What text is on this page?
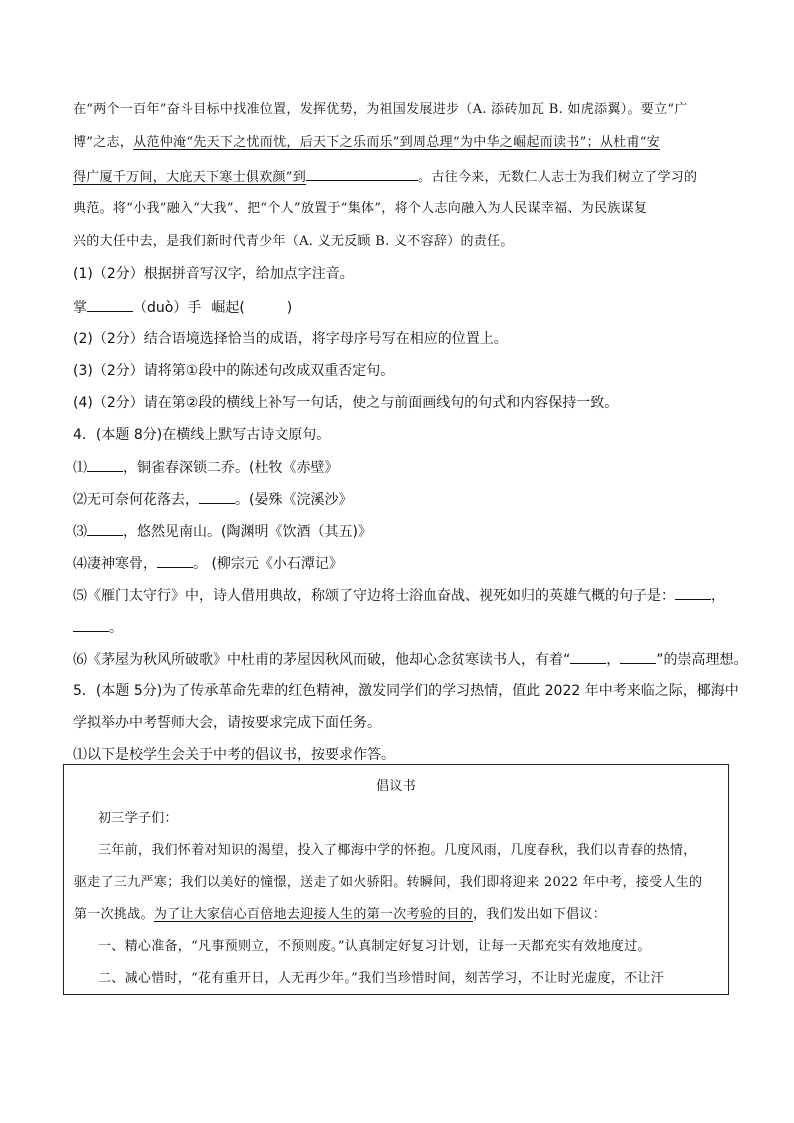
在“两个一百年”奋斗目标中找准位置，发挥优势，为祖国发展进步（A. 添砖加瓦 B. 如虎添翼）。要立“广
博”之志，从范仲淹“先天下之忧而忧，后天下之乐而乐”到周总理“为中华之崛起而读书”；从杜甫“安
得广厦千万间，大庇天下寒士俱欢颜”到	。古往今来，无数仁人志士为我们树立了学习的
典范。将“小我”融入“大我”、把“个人”放置于“集体”，将个人志向融入为人民谋幸福、为民族谋复
兴的大任中去，是我们新时代青少年（A. 义无反顾 B. 义不容辞）的责任。
(1)（2分）根据拼音写汉字，给加点字注音。
掌	（duò）手 崛起(	)
(2)（2分）结合语境选择恰当的成语，将字母序号写在相应的位置上。
(3)（2分）请将第①段中的陈述句改成双重否定句。
(4)（2分）请在第②段的横线上补写一句话，使之与前面画线句的句式和内容保持一致。
4．(本题 8分)在横线上默写古诗文原句。
⑴	，铜雀春深锁二乔。(杜牧《赤壁》
⑵无可奈何花落去，	。(晏殊《浣溪沙》
⑶	，悠然见南山。(陶渊明《饮酒（其五)》
⑷凄神寒骨，	。 (柳宗元《小石潭记》
⑸《雁门太守行》中，诗人借用典故，称颂了守边将士浴血奋战、视死如归的英雄气概的句子是：	，
。
⑹《茅屋为秋风所破歌》中杜甫的茅屋因秋风而破，他却心念贫寒读书人，有着“	，	”的崇高理想。
5．(本题 5分)为了传承革命先辈的红色精神，激发同学们的学习热情，值此 2022 年中考来临之际，椰海中
学拟举办中考誓师大会，请按要求完成下面任务。
⑴以下是校学生会关于中考的倡议书，按要求作答。
倡议书
初三学子们：
三年前，我们怀着对知识的渴望，投入了椰海中学的怀抱。几度风雨，几度春秋，我们以青春的热情，
驱走了三九严寒；我们以美好的憧憬，送走了如火骄阳。转瞬间，我们即将迎来 2022 年中考，接受人生的
第一次挑战。为了让大家信心百倍地去迎接人生的第一次考验的目的，我们发出如下倡议：
一、精心准备，“凡事预则立，不预则废。”认真制定好复习计划，让每一天都充实有效地度过。
二、减心惜时，“花有重开日，人无再少年。”我们当珍惜时间，刻苦学习，不让时光虚度，不让汗
